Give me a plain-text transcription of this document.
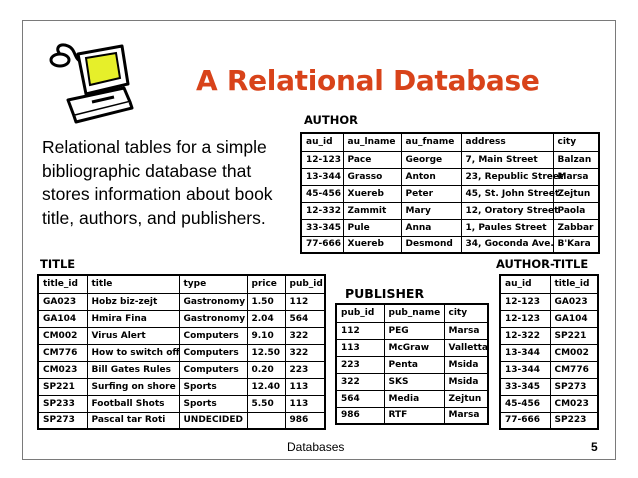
A Relational Database
Relational tables for a simple bibliographic database that stores information about book title, authors, and publishers.
AUTHOR
au_id	au_lname	au_fname	address	city
12-123	Pace	George	7, Main Street	Balzan
13-344	Grasso	Anton	23, Republic Street	Marsa
45-456	Xuereb	Peter	45, St. John Street	Zejtun
12-332	Zammit	Mary	12, Oratory Street	Paola
33-345	Pule	Anna	1, Paules Street	Zabbar
77-666	Xuereb	Desmond	34, Goconda Ave.	B'Kara
TITLE
title_id	title	type	price	pub_id
GA023	Hobz biz-zejt	Gastronomy	1.50	112
GA104	Hmira Fina	Gastronomy	2.04	564
CM002	Virus Alert	Computers	9.10	322
CM776	How to switch off	Computers	12.50	322
CM023	Bill Gates Rules	Computers	0.20	223
SP221	Surfing on shore	Sports	12.40	113
SP233	Football Shots	Sports	5.50	113
SP273	Pascal tar Roti	UNDECIDED		986
PUBLISHER
pub_id	pub_name	city
112	PEG	Marsa
113	McGraw	Valletta
223	Penta	Msida
322	SKS	Msida
564	Media	Zejtun
986	RTF	Marsa
AUTHOR-TITLE
au_id	title_id
12-123	GA023
12-123	GA104
12-322	SP221
13-344	CM002
13-344	CM776
33-345	SP273
45-456	CM023
77-666	SP223
Databases	5
